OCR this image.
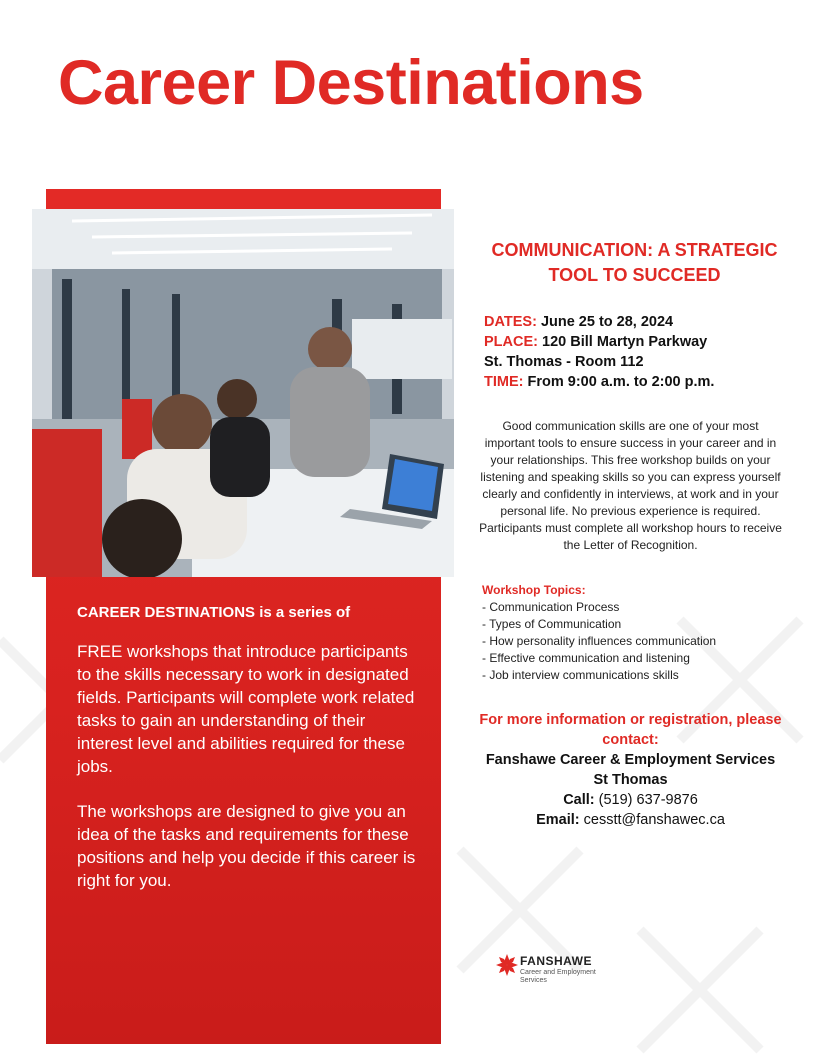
Career Destinations

CAREER DESTINATIONS is a series of

FREE workshops that introduce participants to the skills necessary to work in designated fields. Participants will complete work related tasks to gain an understanding of their interest level and abilities required for these jobs.

The workshops are designed to give you an idea of the tasks and requirements for these positions and help you decide if this career is right for you.

COMMUNICATION: A STRATEGIC TOOL TO SUCCEED
DATES: June 25 to 28, 2024
PLACE: 120 Bill Martyn Parkway
St. Thomas - Room 112
TIME: From 9:00 a.m. to 2:00 p.m.
Good communication skills are one of your most important tools to ensure success in your career and in your relationships. This free workshop builds on your listening and speaking skills so you can express yourself clearly and confidently in interviews, at work and in your personal life. No previous experience is required. Participants must complete all workshop hours to receive the Letter of Recognition.
Workshop Topics:
- Communication Process
- Types of Communication
- How personality influences communication
- Effective communication and listening
- Job interview communications skills
For more information or registration, please contact:
Fanshawe Career & Employment Services
St Thomas
Call: (519) 637-9876
Email: cesstt@fanshawec.ca
FANSHAWE
Career and Employment Services
